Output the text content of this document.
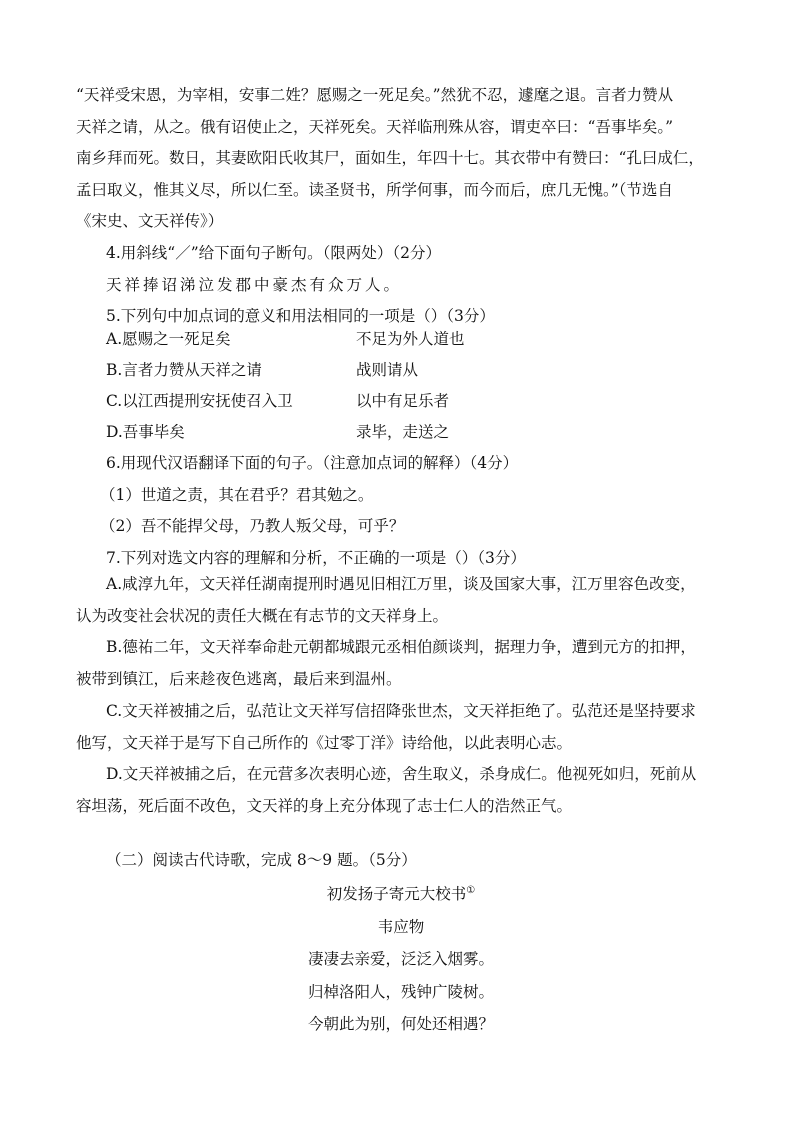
“天祥受宋恩，为宰相，安事二姓？愿赐之一死足矣。”然犹不忍，遽麾之退。言者力赞从

天祥之请，从之。俄有诏使止之，天祥死矣。天祥临刑殊从容，谓吏卒曰：“吾事毕矣。”

南乡拜而死。数日，其妻欧阳氏收其尸，面如生，年四十七。其衣带中有赞曰：“孔曰成仁，

孟曰取义，惟其义尽，所以仁至。读圣贤书，所学何事，而今而后，庶几无愧。”（节选自

《宋史、文天祥传》）

4.用斜线“／”给下面句子断句。（限两处）（2分）

天祥捧诏涕泣发郡中豪杰有众万人。

5.下列句中加点词的意义和用法相同的一项是（）（3分）

A.愿赐之一死足矣	不足为外人道也
B.言者力赞从天祥之请	战则请从
C.以江西提刑安抚使召入卫	以中有足乐者
D.吾事毕矣	录毕，走送之

6.用现代汉语翻译下面的句子。（注意加点词的解释）（4分）

（1）世道之责，其在君乎？君其勉之。

（2）吾不能捍父母，乃教人叛父母，可乎？

7.下列对选文内容的理解和分析，不正确的一项是（）（3分）

A.咸淳九年，文天祥任湖南提刑时遇见旧相江万里，谈及国家大事，江万里容色改变，

认为改变社会状况的责任大概在有志节的文天祥身上。

B.德祐二年，文天祥奉命赴元朝都城跟元丞相伯颜谈判，据理力争，遭到元方的扣押，

被带到镇江，后来趁夜色逃离，最后来到温州。

C.文天祥被捕之后，弘范让文天祥写信招降张世杰，文天祥拒绝了。弘范还是坚持要求

他写，文天祥于是写下自己所作的《过零丁洋》诗给他，以此表明心志。

D.文天祥被捕之后，在元营多次表明心迹，舍生取义，杀身成仁。他视死如归，死前从

容坦荡，死后面不改色，文天祥的身上充分体现了志士仁人的浩然正气。

（二）阅读古代诗歌，完成 8～9 题。（5分）

初发扬子寄元大校书①

韦应物

凄凄去亲爱，泛泛入烟雾。

归棹洛阳人，残钟广陵树。

今朝此为别，何处还相遇？
